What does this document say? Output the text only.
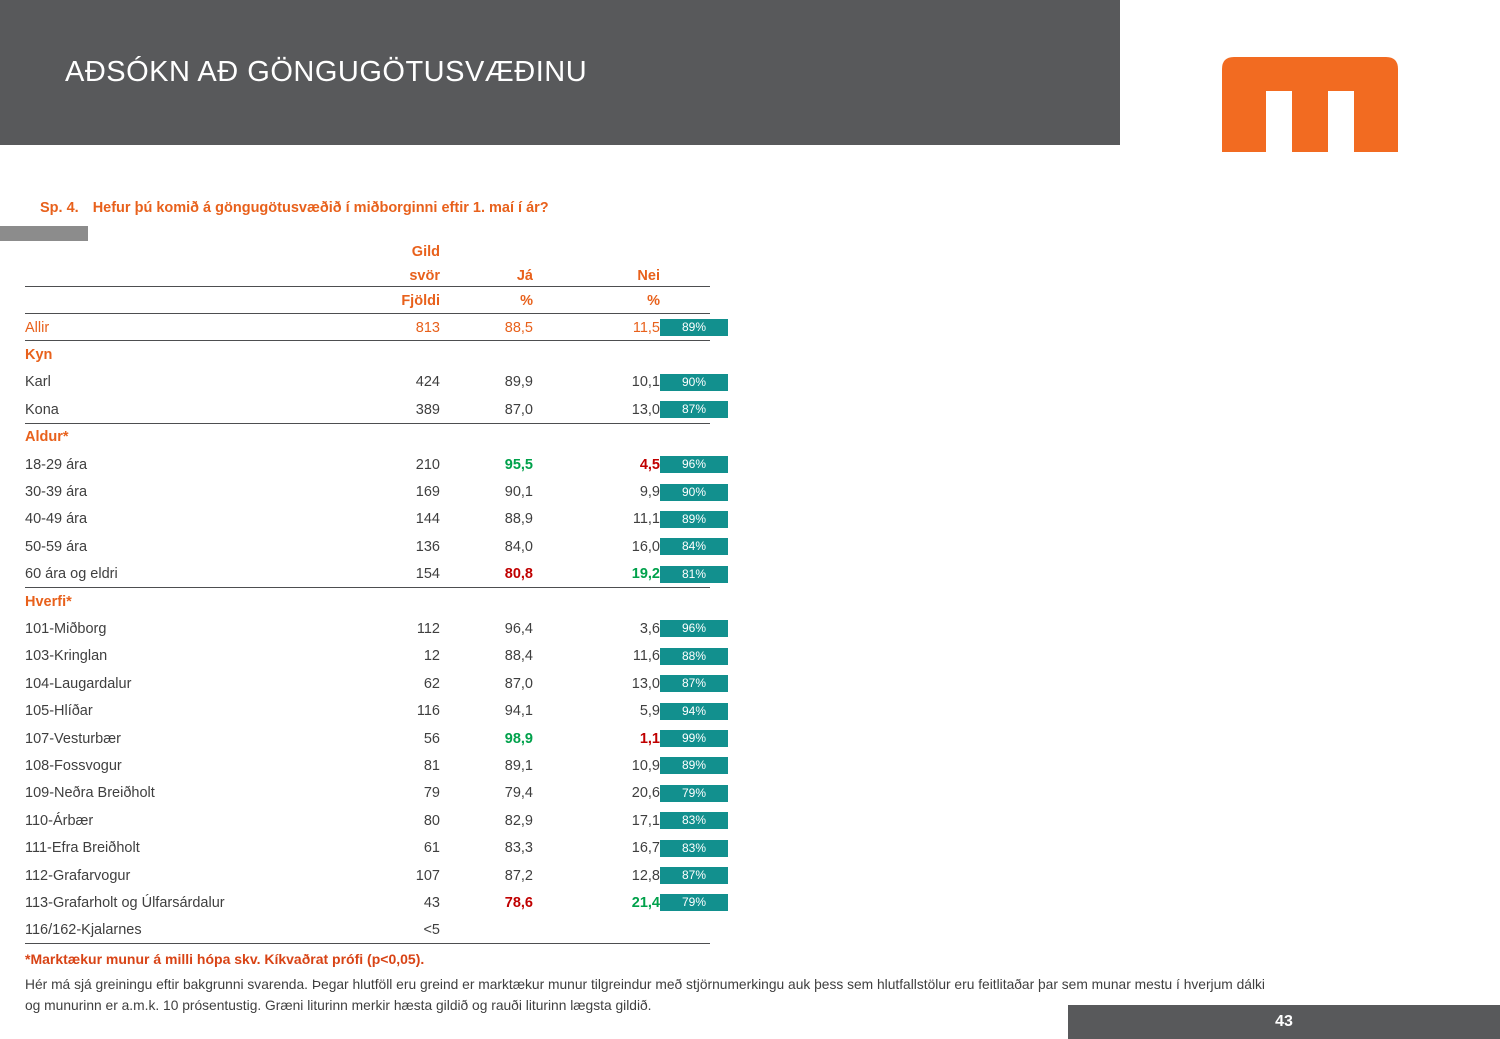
AÐSÓKN AÐ GÖNGUGÖTUSVÆÐINU
Sp. 4. Hefur þú komið á göngugötusvæðið í miðborginni eftir 1. maí í ár?
Gild
svör	Já	Nei
Fjöldi	%	%
Allir	813	88,5	11,5 89%
Kyn
Karl	424	89,9	10,1 90%
Kona	389	87,0	13,0 87%
Aldur*
18-29 ára	210	95,5	4,5 96%
30-39 ára	169	90,1	9,9 90%
40-49 ára	144	88,9	11,1 89%
50-59 ára	136	84,0	16,0 84%
60 ára og eldri	154	80,8	19,2 81%
Hverfi*
101-Miðborg	112	96,4	3,6 96%
103-Kringlan	12	88,4	11,6 88%
104-Laugardalur	62	87,0	13,0 87%
105-Hlíðar	116	94,1	5,9 94%
107-Vesturbær	56	98,9	1,1 99%
108-Fossvogur	81	89,1	10,9 89%
109-Neðra Breiðholt	79	79,4	20,6 79%
110-Árbær	80	82,9	17,1 83%
111-Efra Breiðholt	61	83,3	16,7 83%
112-Grafarvogur	107	87,2	12,8 87%
113-Grafarholt og Úlfarsárdalur	43	78,6	21,4 79%
116/162-Kjalarnes	<5
*Marktækur munur á milli hópa skv. Kíkvaðrat prófi (p<0,05).
Hér má sjá greiningu eftir bakgrunni svarenda. Þegar hlutföll eru greind er marktækur munur tilgreindur með stjörnumerkingu auk þess sem hlutfallstölur eru feitlitaðar þar sem munar mestu í hverjum dálki og munurinn er a.m.k. 10 prósentustig. Græni liturinn merkir hæsta gildið og rauði liturinn lægsta gildið.
43
